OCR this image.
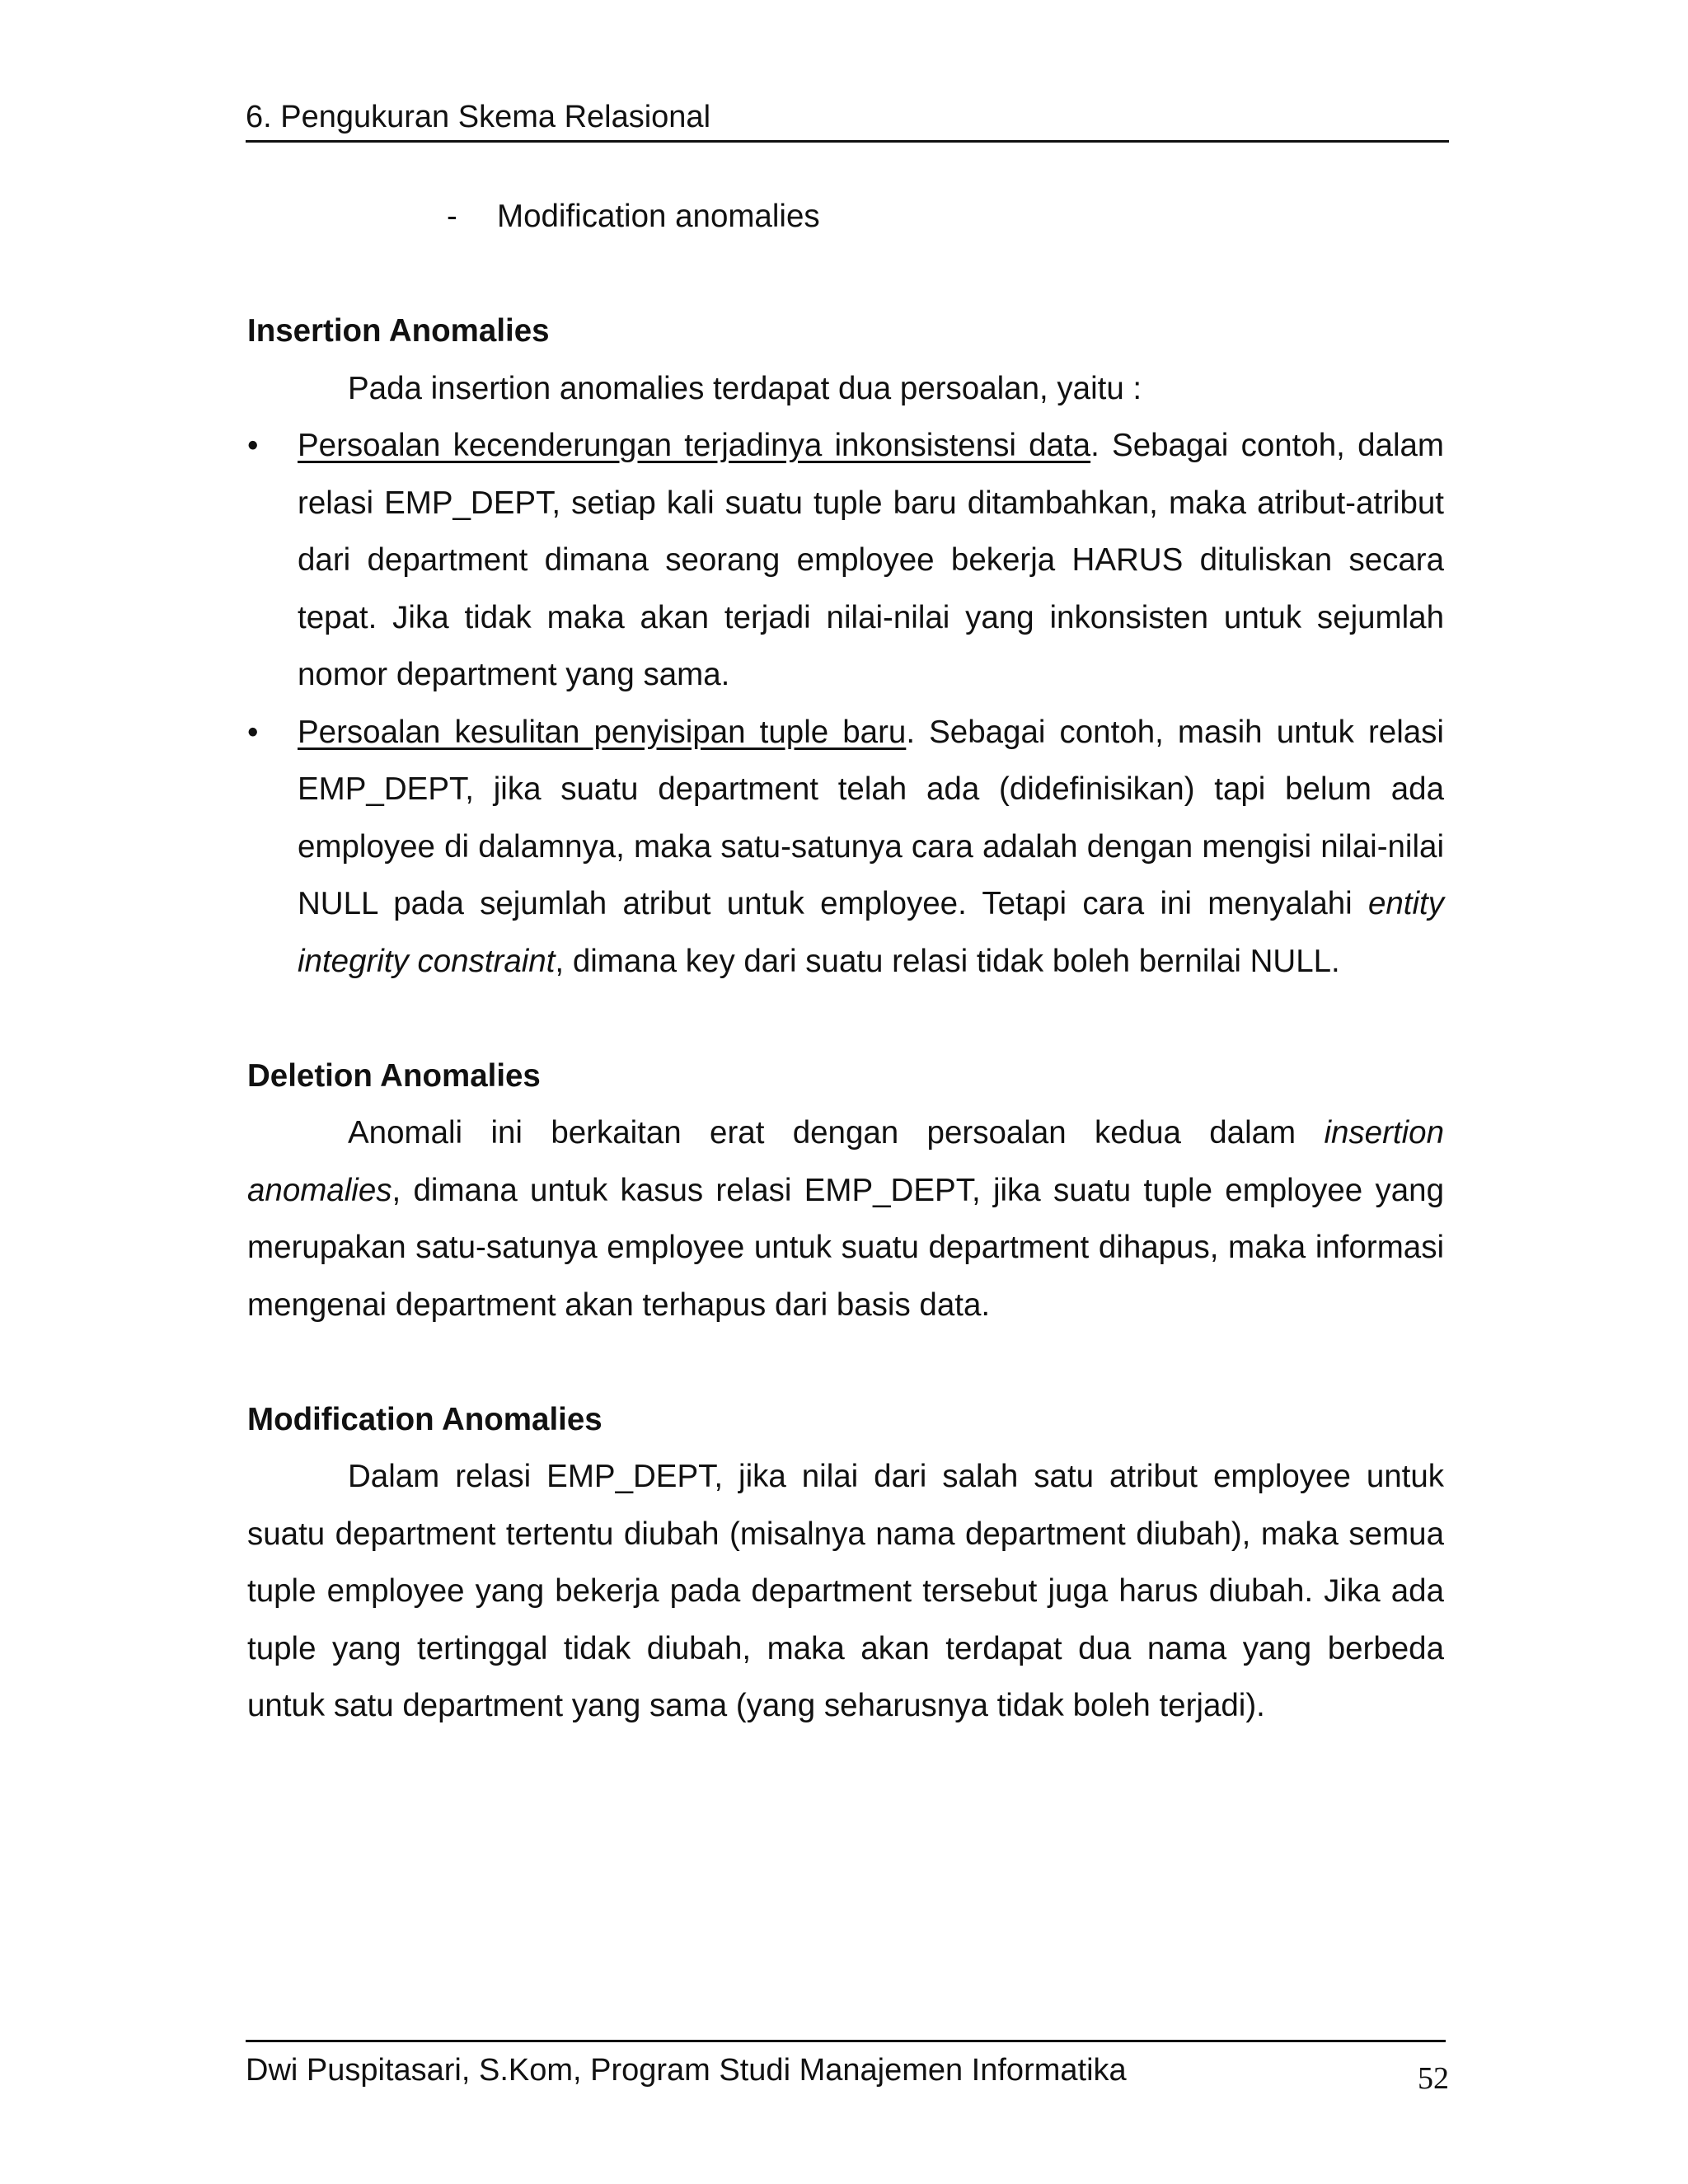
6. Pengukuran Skema Relasional
- Modification anomalies
Insertion Anomalies

Pada insertion anomalies terdapat dua persoalan, yaitu :

•	Persoalan kecenderungan terjadinya inkonsistensi data. Sebagai contoh, dalam relasi EMP_DEPT, setiap kali suatu tuple baru ditambahkan, maka atribut-atribut dari department dimana seorang employee bekerja HARUS dituliskan secara tepat. Jika tidak maka akan terjadi nilai-nilai yang inkonsisten untuk sejumlah nomor department yang sama.
•	Persoalan kesulitan penyisipan tuple baru. Sebagai contoh, masih untuk relasi EMP_DEPT, jika suatu department telah ada (didefinisikan) tapi belum ada employee di dalamnya, maka satu-satunya cara adalah dengan mengisi nilai-nilai NULL pada sejumlah atribut untuk employee. Tetapi cara ini menyalahi entity integrity constraint, dimana key dari suatu relasi tidak boleh bernilai NULL.
Deletion Anomalies

Anomali ini berkaitan erat dengan persoalan kedua dalam insertion anomalies, dimana untuk kasus relasi EMP_DEPT, jika suatu tuple employee yang merupakan satu-satunya employee untuk suatu department dihapus, maka informasi mengenai department akan terhapus dari basis data.

Modification Anomalies

Dalam relasi EMP_DEPT, jika nilai dari salah satu atribut employee untuk suatu department tertentu diubah (misalnya nama department diubah), maka semua tuple employee yang bekerja pada department tersebut juga harus diubah. Jika ada tuple yang tertinggal tidak diubah, maka akan terdapat dua nama yang berbeda untuk satu department yang sama (yang seharusnya tidak boleh terjadi).

Dwi Puspitasari, S.Kom, Program Studi Manajemen Informatika	52
